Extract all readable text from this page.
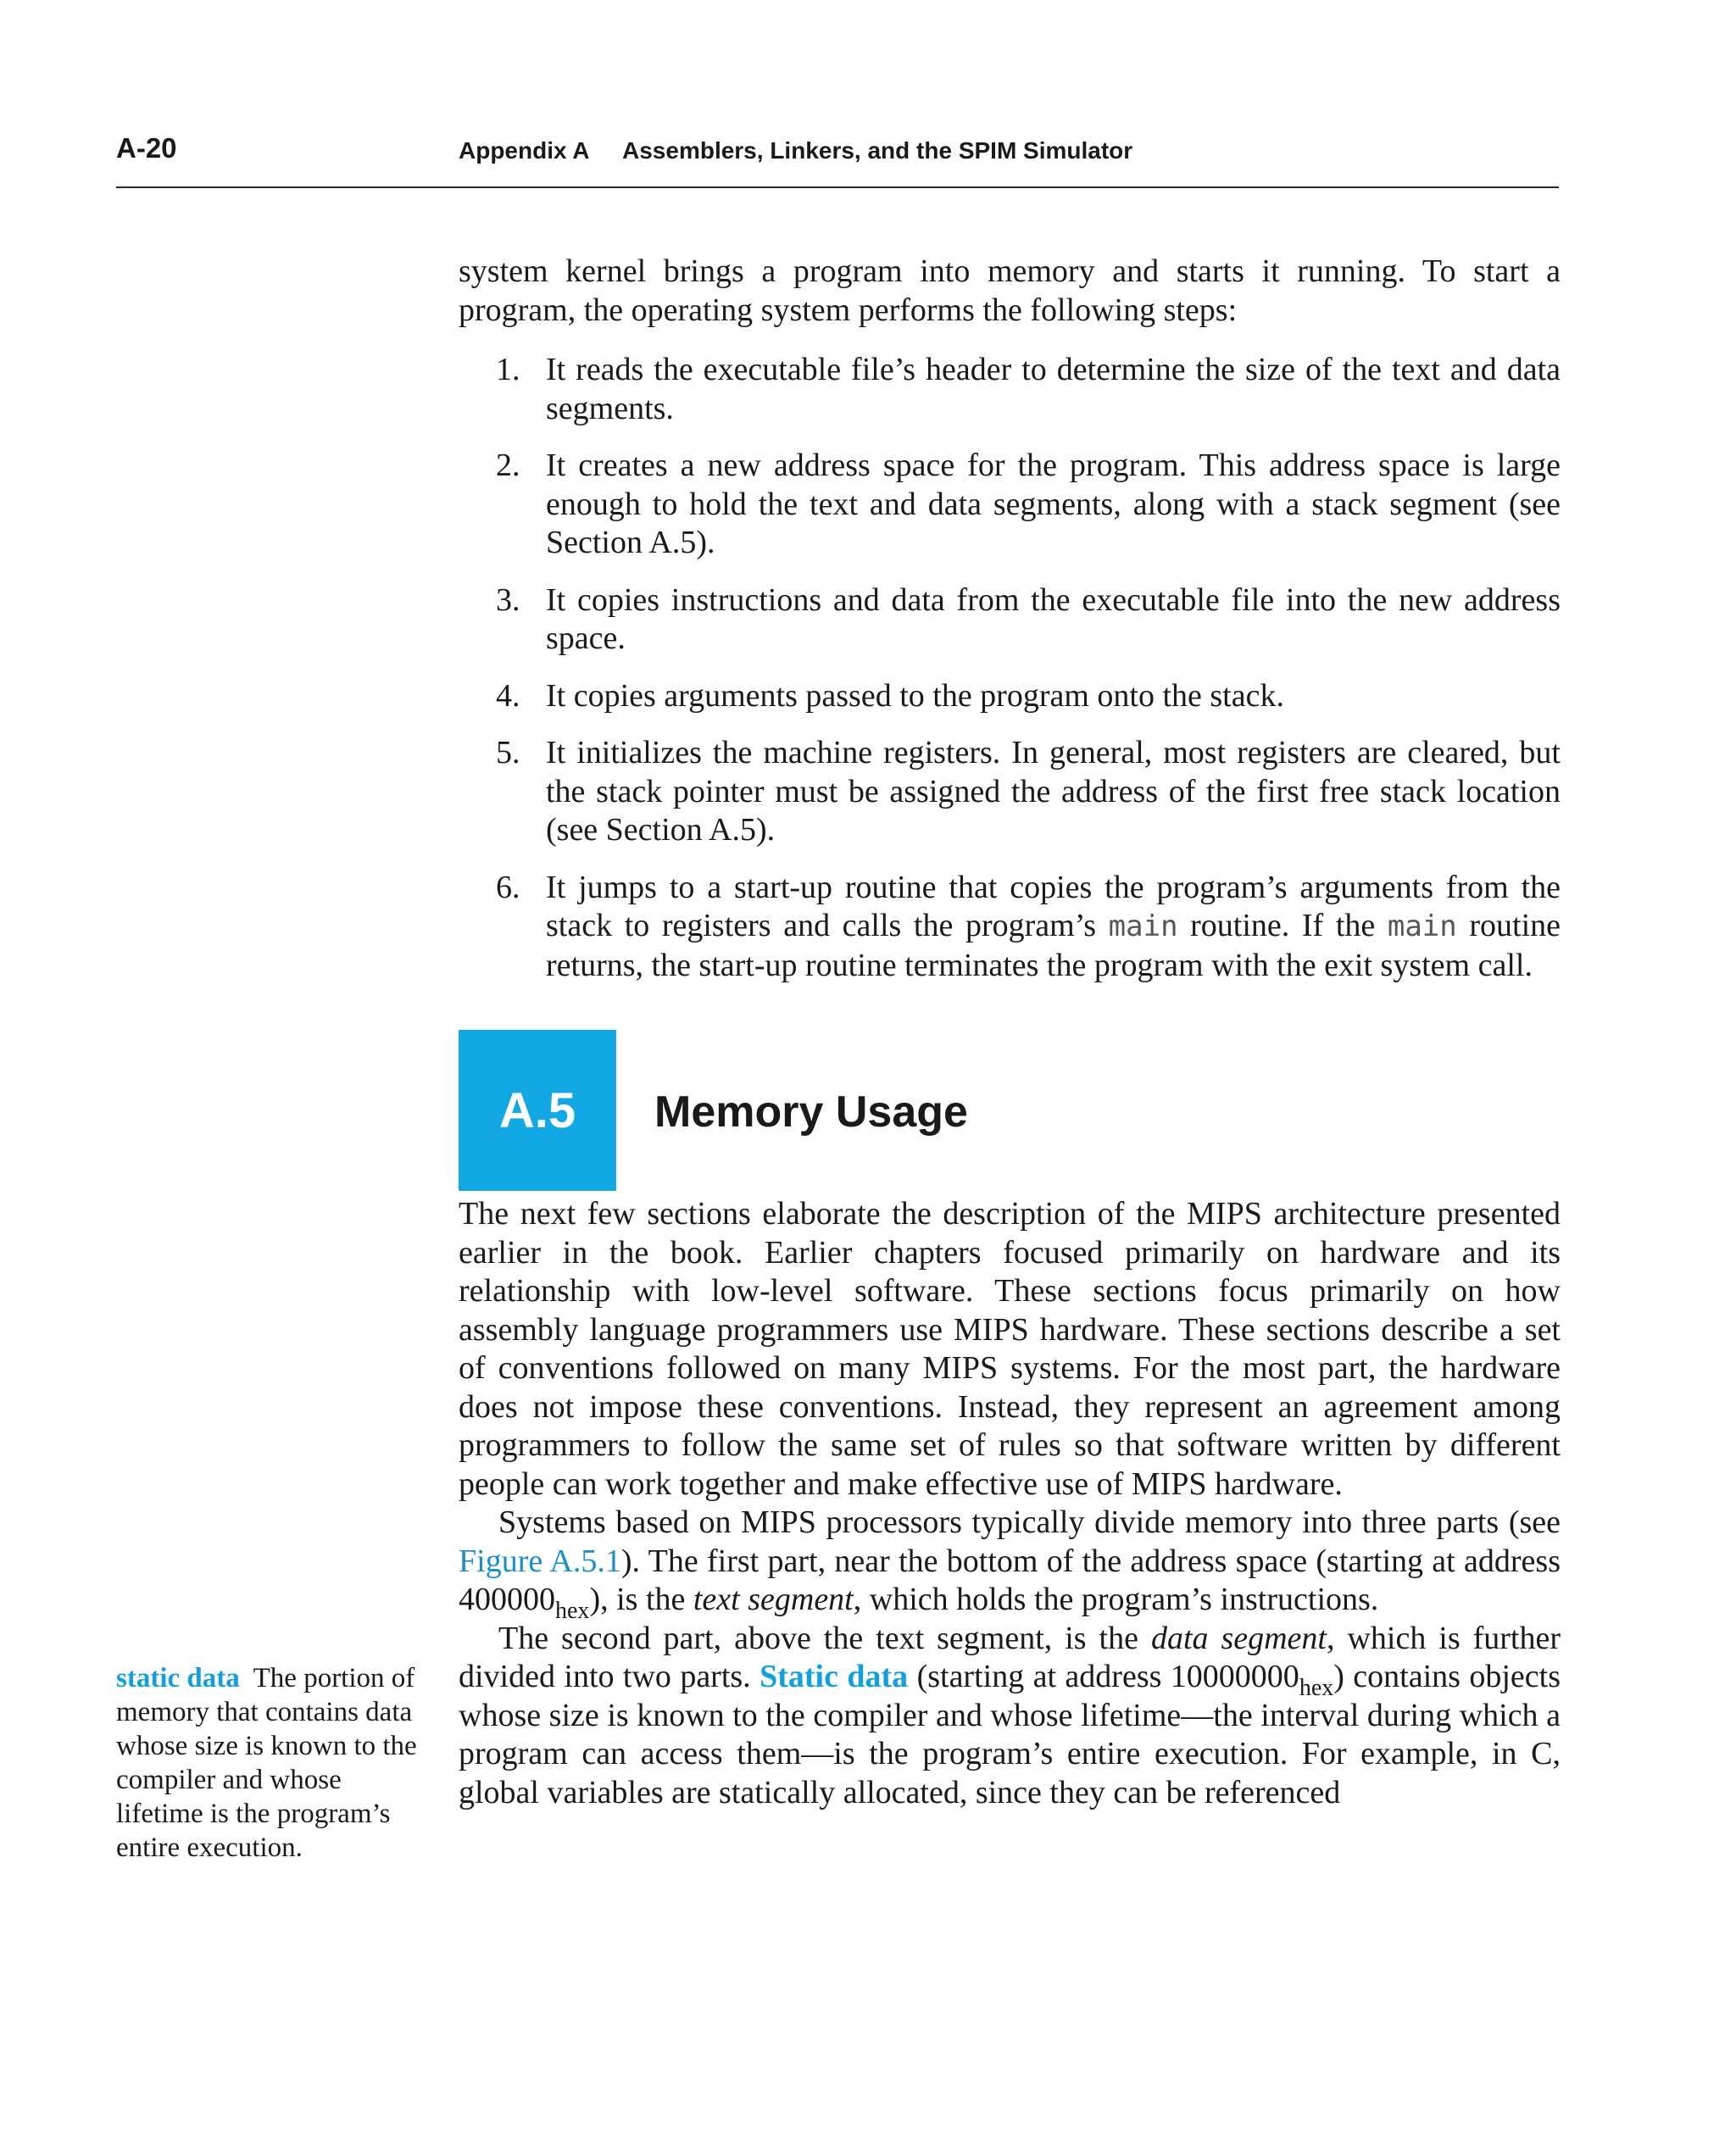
A-20	Appendix A Assemblers, Linkers, and the SPIM Simulator

system kernel brings a program into memory and starts it running. To start a program, the operating system performs the following steps:

1. It reads the executable file’s header to determine the size of the text and data segments.
2. It creates a new address space for the program. This address space is large enough to hold the text and data segments, along with a stack segment (see Section A.5).
3. It copies instructions and data from the executable file into the new address space.
4. It copies arguments passed to the program onto the stack.
5. It initializes the machine registers. In general, most registers are cleared, but the stack pointer must be assigned the address of the first free stack location (see Section A.5).
6. It jumps to a start-up routine that copies the program’s arguments from the stack to registers and calls the program’s main routine. If the main routine returns, the start-up routine terminates the program with the exit system call.
A.5	Memory Usage

The next few sections elaborate the description of the MIPS architecture presented earlier in the book. Earlier chapters focused primarily on hardware and its relationship with low-level software. These sections focus primarily on how assembly language programmers use MIPS hardware. These sections describe a set of conventions followed on many MIPS systems. For the most part, the hardware does not impose these conventions. Instead, they represent an agreement among programmers to follow the same set of rules so that software written by different people can work together and make effective use of MIPS hardware.

Systems based on MIPS processors typically divide memory into three parts (see Figure A.5.1). The first part, near the bottom of the address space (starting at address $400000_{hex}$), is the text segment, which holds the program’s instructions.

The second part, above the text segment, is the data segment, which is further divided into two parts. Static data (starting at address $10000000_{hex}$) contains objects whose size is known to the compiler and whose lifetime—the interval during which a program can access them—is the program’s entire execution. For example, in C, global variables are statically allocated, since they can be referenced

static data The portion of memory that contains data whose size is known to the compiler and whose lifetime is the program’s entire execution.
